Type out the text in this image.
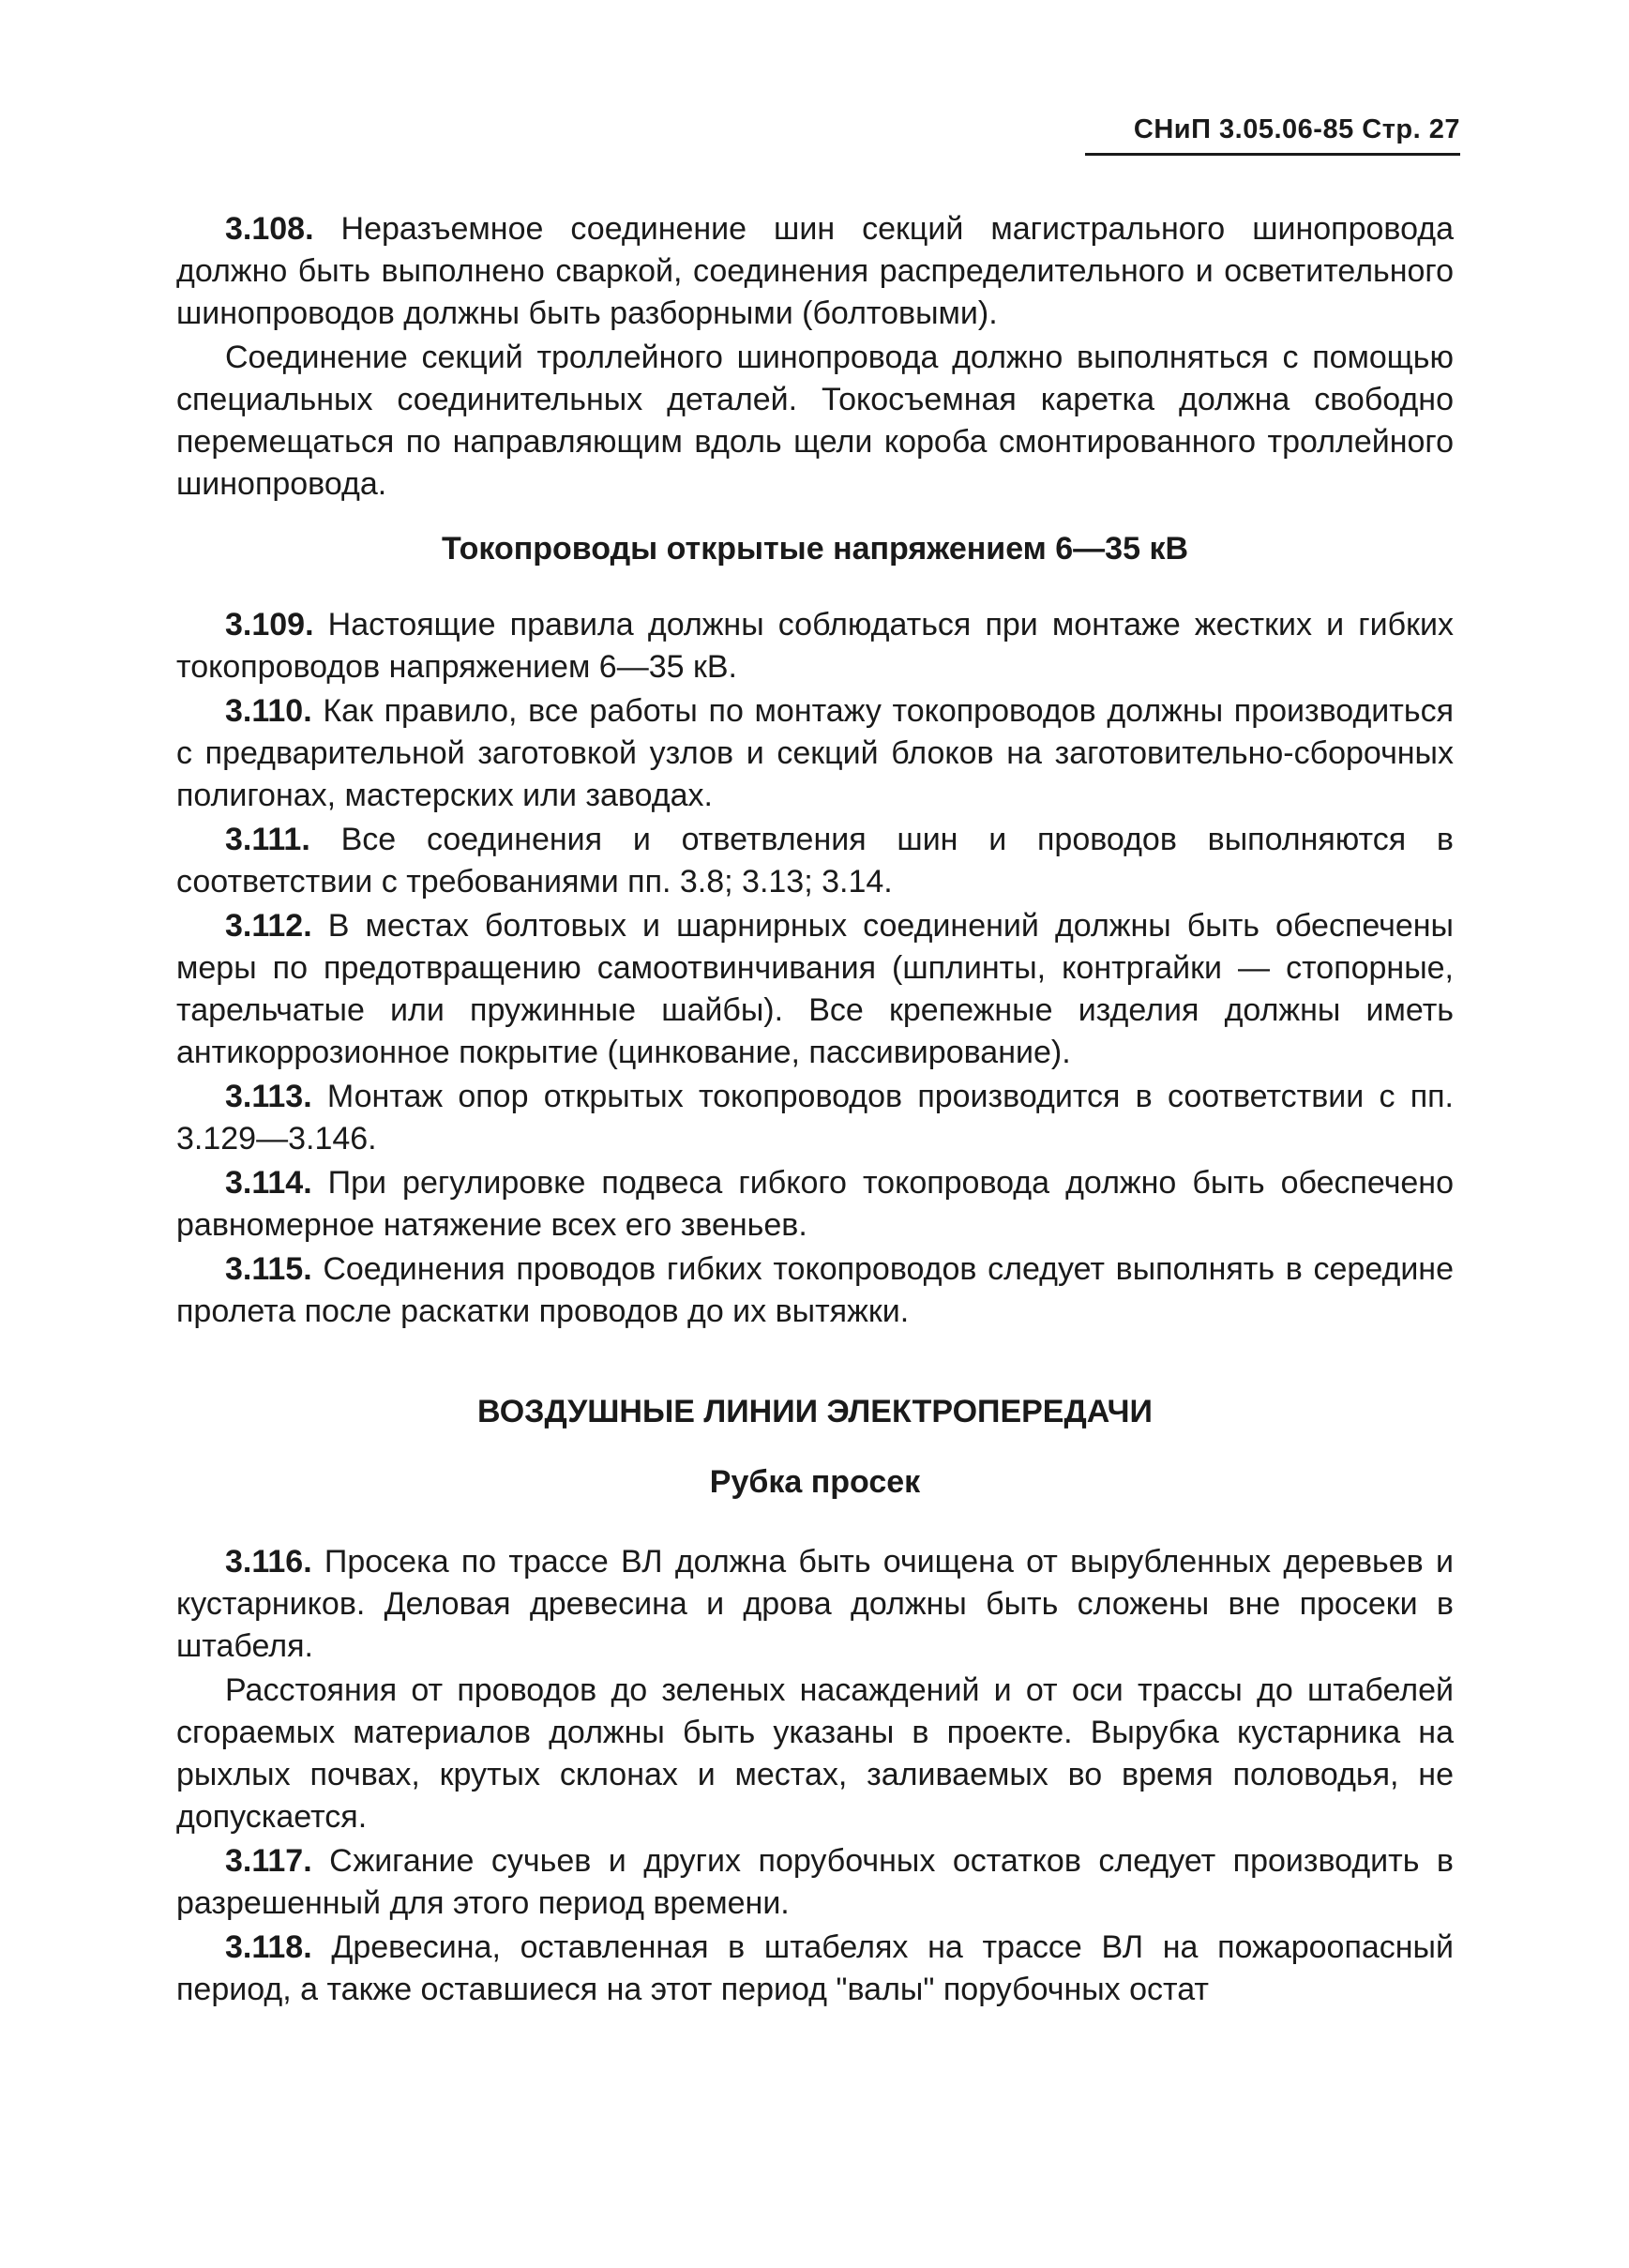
СНиП 3.05.06-85 Стр. 27

3.108. Неразъемное соединение шин секций магистрального шинопровода должно быть выполнено сваркой, соединения распределительного и осветительного шинопроводов должны быть разборными (болтовыми).

Соединение секций троллейного шинопровода должно выполняться с помощью специальных соединительных деталей. Токосъемная каретка должна свободно перемещаться по направляющим вдоль щели короба смонтированного троллейного шинопровода.

Токопроводы открытые напряжением 6—35 кВ

3.109. Настоящие правила должны соблюдаться при монтаже жестких и гибких токопроводов напряжением 6—35 кВ.

3.110. Как правило, все работы по монтажу токопроводов должны производиться с предварительной заготовкой узлов и секций блоков на заготовительно-сборочных полигонах, мастерских или заводах.

3.111. Все соединения и ответвления шин и проводов выполняются в соответствии с требованиями пп. 3.8; 3.13; 3.14.

3.112. В местах болтовых и шарнирных соединений должны быть обеспечены меры по предотвращению самоотвинчивания (шплинты, контргайки — стопорные, тарельчатые или пружинные шайбы). Все крепежные изделия должны иметь антикоррозионное покрытие (цинкование, пассивирование).

3.113. Монтаж опор открытых токопроводов производится в соответствии с пп. 3.129—3.146.

3.114. При регулировке подвеса гибкого токопровода должно быть обеспечено равномерное натяжение всех его звеньев.

3.115. Соединения проводов гибких токопроводов следует выполнять в середине пролета после раскатки проводов до их вытяжки.

ВОЗДУШНЫЕ ЛИНИИ ЭЛЕКТРОПЕРЕДАЧИ
Рубка просек

3.116. Просека по трассе ВЛ должна быть очищена от вырубленных деревьев и кустарников. Деловая древесина и дрова должны быть сложены вне просеки в штабеля.

Расстояния от проводов до зеленых насаждений и от оси трассы до штабелей сгораемых материалов должны быть указаны в проекте. Вырубка кустарника на рыхлых почвах, крутых склонах и местах, заливаемых во время половодья, не допускается.

3.117. Сжигание сучьев и других порубочных остатков следует производить в разрешенный для этого период времени.

3.118. Древесина, оставленная в штабелях на трассе ВЛ на пожароопасный период, а также оставшиеся на этот период "валы" порубочных остат
